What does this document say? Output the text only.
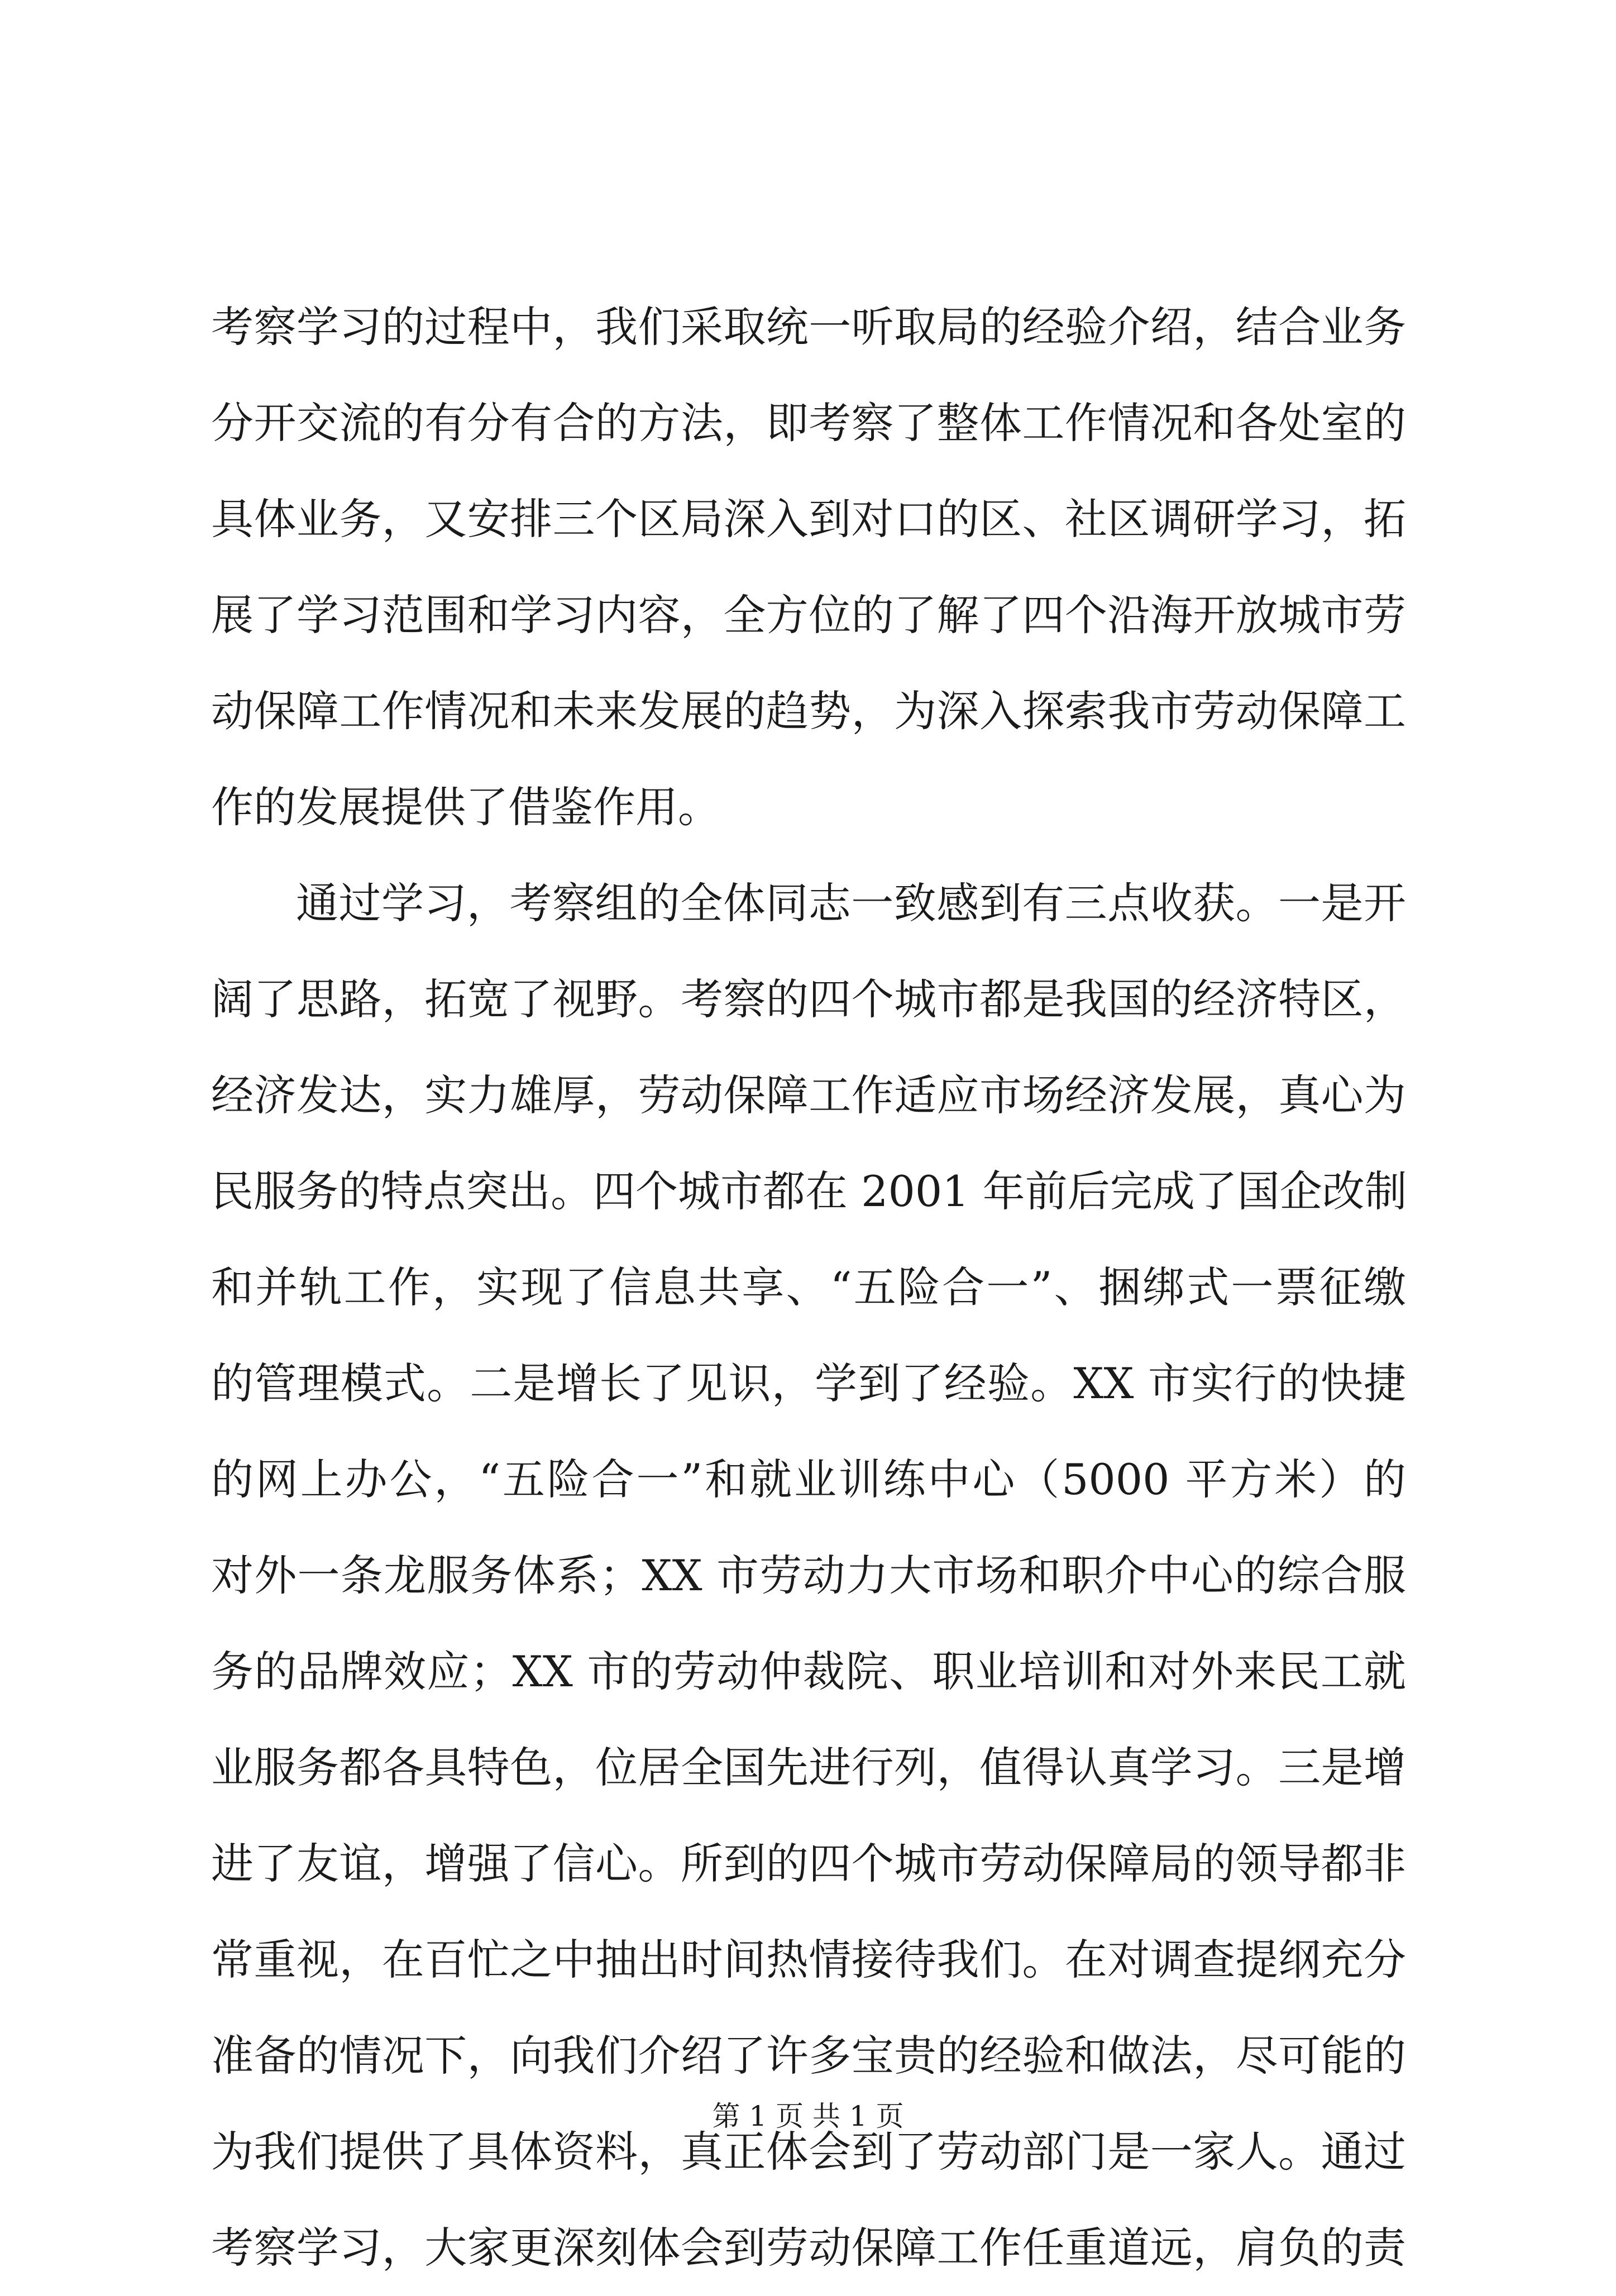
考察学习的过程中，我们采取统一听取局的经验介绍，结合业务
分开交流的有分有合的方法，即考察了整体工作情况和各处室的
具体业务，又安排三个区局深入到对口的区、社区调研学习，拓
展了学习范围和学习内容，全方位的了解了四个沿海开放城市劳
动保障工作情况和未来发展的趋势，为深入探索我市劳动保障工
作的发展提供了借鉴作用。
通过学习，考察组的全体同志一致感到有三点收获。一是开
阔了思路，拓宽了视野。考察的四个城市都是我国的经济特区，
经济发达，实力雄厚，劳动保障工作适应市场经济发展，真心为
民服务的特点突出。四个城市都在 2001 年前后完成了国企改制
和并轨工作，实现了信息共享、“五险合一”、捆绑式一票征缴
的管理模式。二是增长了见识，学到了经验。XX 市实行的快捷
的网上办公，“五险合一”和就业训练中心（5000 平方米）的
对外一条龙服务体系；XX 市劳动力大市场和职介中心的综合服
务的品牌效应；XX 市的劳动仲裁院、职业培训和对外来民工就
业服务都各具特色，位居全国先进行列，值得认真学习。三是增
进了友谊，增强了信心。所到的四个城市劳动保障局的领导都非
常重视，在百忙之中抽出时间热情接待我们。在对调查提纲充分
准备的情况下，向我们介绍了许多宝贵的经验和做法，尽可能的
为我们提供了具体资料，真正体会到了劳动部门是一家人。通过
考察学习，大家更深刻体会到劳动保障工作任重道远，肩负的责
第 1 页 共 1 页
